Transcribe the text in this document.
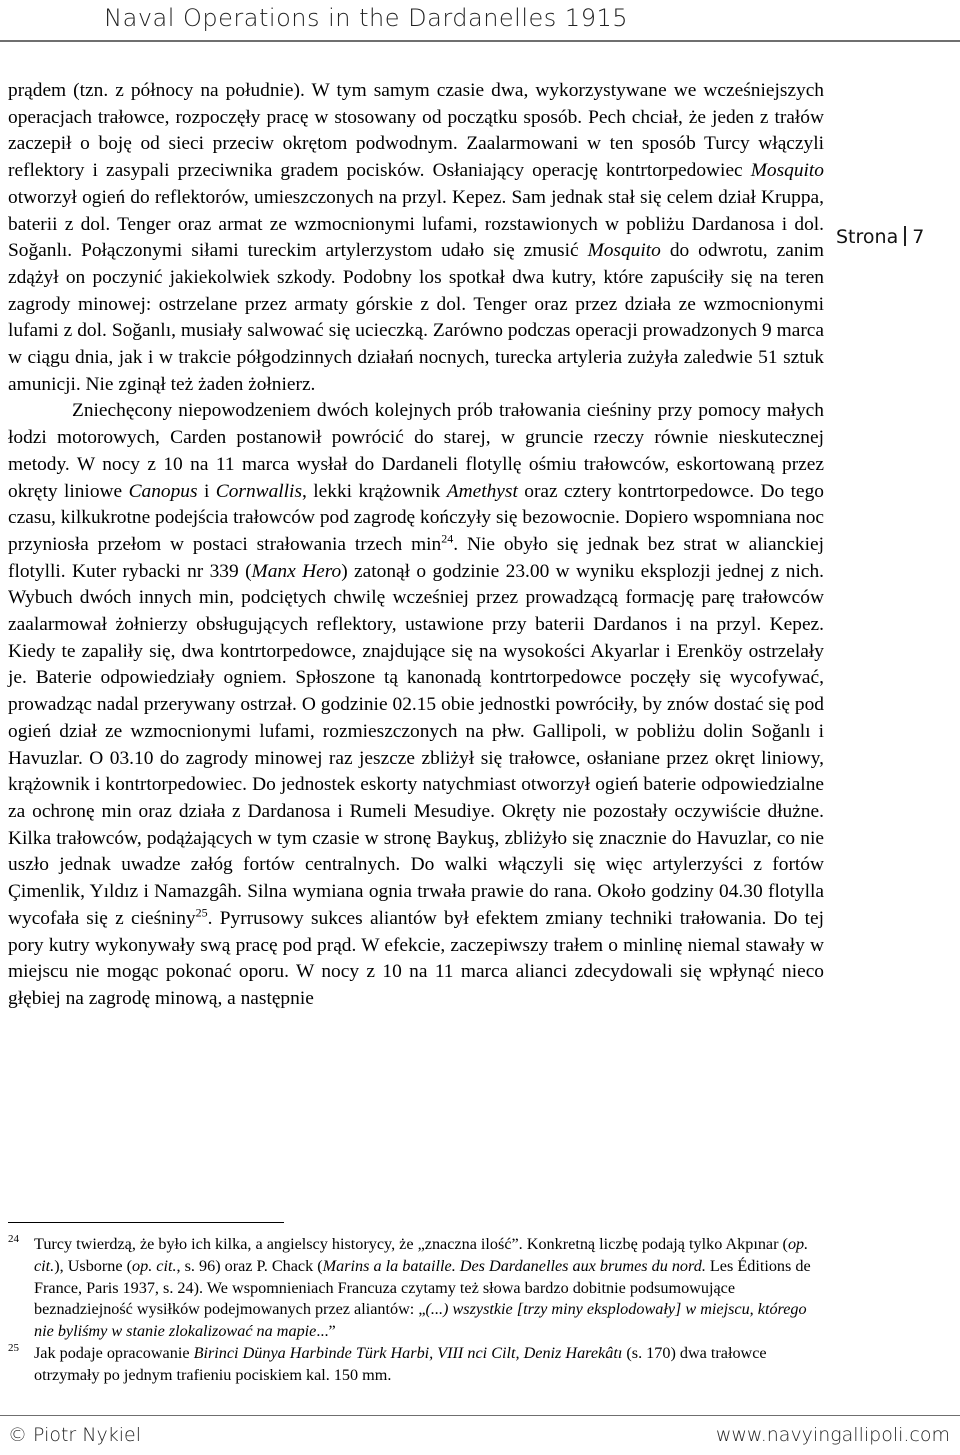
Naval Operations in the Dardanelles 1915
Strona 7

prądem (tzn. z północy na południe). W tym samym czasie dwa, wykorzystywane we wcześniejszych operacjach trałowce, rozpoczęły pracę w stosowany od początku sposób. Pech chciał, że jeden z trałów zaczepił o boję od sieci przeciw okrętom podwodnym. Zaalarmowani w ten sposób Turcy włączyli reflektory i zasypali przeciwnika gradem pocisków. Osłaniający operację kontrtorpedowiec Mosquito otworzył ogień do reflektorów, umieszczonych na przyl. Kepez. Sam jednak stał się celem dział Kruppa, baterii z dol. Tenger oraz armat ze wzmocnionymi lufami, rozstawionych w pobliżu Dardanosa i dol. Soğanlı. Połączonymi siłami tureckim artylerzystom udało się zmusić Mosquito do odwrotu, zanim zdążył on poczynić jakiekolwiek szkody. Podobny los spotkał dwa kutry, które zapuściły się na teren zagrody minowej: ostrzelane przez armaty górskie z dol. Tenger oraz przez działa ze wzmocnionymi lufami z dol. Soğanlı, musiały salwować się ucieczką. Zarówno podczas operacji prowadzonych 9 marca w ciągu dnia, jak i w trakcie półgodzinnych działań nocnych, turecka artyleria zużyła zaledwie 51 sztuk amunicji. Nie zginął też żaden żołnierz.

Zniechęcony niepowodzeniem dwóch kolejnych prób trałowania cieśniny przy pomocy małych łodzi motorowych, Carden postanowił powrócić do starej, w gruncie rzeczy równie nieskutecznej metody. W nocy z 10 na 11 marca wysłał do Dardaneli flotyllę ośmiu trałowców, eskortowaną przez okręty liniowe Canopus i Cornwallis, lekki krążownik Amethyst oraz cztery kontrtorpedowce. Do tego czasu, kilkukrotne podejścia trałowców pod zagrodę kończyły się bezowocnie. Dopiero wspomniana noc przyniosła przełom w postaci strałowania trzech $\min^{24}$. Nie obyło się jednak bez strat w alianckiej flotylli. Kuter rybacki nr 339 (Manx Hero) zatonął o godzinie 23.00 w wyniku eksplozji jednej z nich. Wybuch dwóch innych min, podciętych chwilę wcześniej przez prowadzącą formację parę trałowców zaalarmował żołnierzy obsługujących reflektory, ustawione przy baterii Dardanos i na przyl. Kepez. Kiedy te zapaliły się, dwa kontrtorpedowce, znajdujące się na wysokości Akyarlar i Erenköy ostrzelały je. Baterie odpowiedziały ogniem. Spłoszone tą kanonadą kontrtorpedowce poczęły się wycofywać, prowadząc nadal przerywany ostrzał. O godzinie 02.15 obie jednostki powróciły, by znów dostać się pod ogień dział ze wzmocnionymi lufami, rozmieszczonych na płw. Gallipoli, w pobliżu dolin Soğanlı i Havuzlar. O 03.10 do zagrody minowej raz jeszcze zbliżył się trałowce, osłaniane przez okręt liniowy, krążownik i kontrtorpedowiec. Do jednostek eskorty natychmiast otworzył ogień baterie odpowiedzialne za ochronę min oraz działa z Dardanosa i Rumeli Mesudiye. Okręty nie pozostały oczywiście dłużne. Kilka trałowców, podążających w tym czasie w stronę Baykuş, zbliżyło się znacznie do Havuzlar, co nie uszło jednak uwadze załóg fortów centralnych. Do walki włączyli się więc artylerzyści z fortów Çimenlik, Yıldız i Namazgâh. Silna wymiana ognia trwała prawie do rana. Około godziny 04.30 flotylla wycofała się z cieśniny$^{25}$. Pyrrusowy sukces aliantów był efektem zmiany techniki trałowania. Do tej pory kutry wykonywały swą pracę pod prąd. W efekcie, zaczepiwszy trałem o minlinę niemal stawały w miejscu nie mogąc pokonać oporu. W nocy z 10 na 11 marca alianci zdecydowali się wpłynąć nieco głębiej na zagrodę minową, a następnie

24 Turcy twierdzą, że było ich kilka, a angielscy historycy, że „znaczna ilość”. Konkretną liczbę podają tylko Akpınar (op. cit.), Usborne (op. cit., s. 96) oraz P. Chack (Marins a la bataille. Des Dardanelles aux brumes du nord. Les Éditions de France, Paris 1937, s. 24). We wspomnieniach Francuza czytamy też słowa bardzo dobitnie podsumowujące beznadziejność wysiłków podejmowanych przez aliantów: „(...) wszystkie [trzy miny eksplodowały] w miejscu, którego nie byliśmy w stanie zlokalizować na mapie...”
25 Jak podaje opracowanie Birinci Dünya Harbinde Türk Harbi, VIII nci Cilt, Deniz Harekâtı (s. 170) dwa trałowce otrzymały po jednym trafieniu pociskiem kal. 150 mm.
© Piotr Nykiel	www.navyingallipoli.com
